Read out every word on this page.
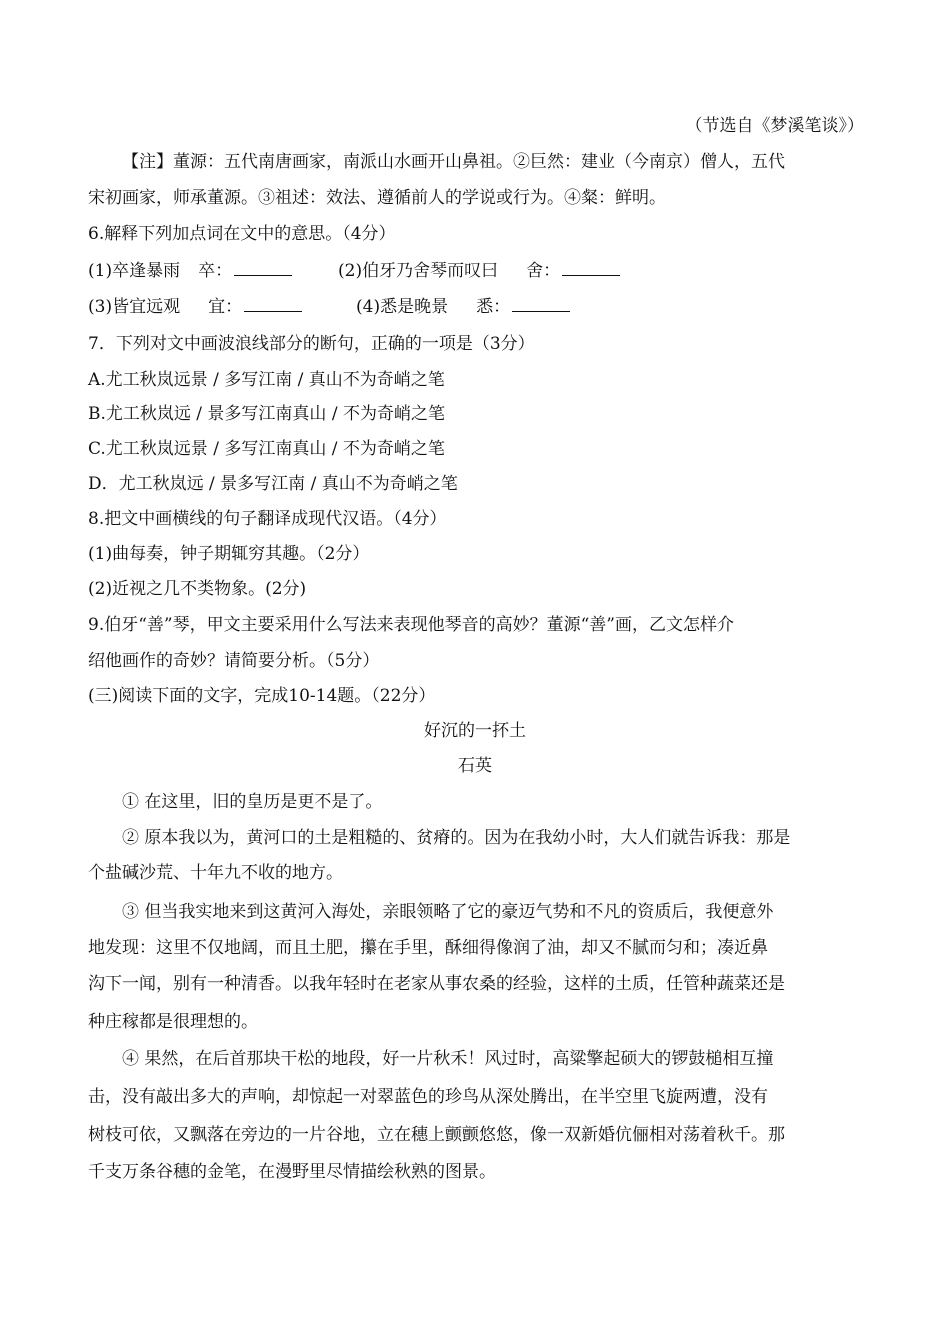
（节选自《梦溪笔谈》）
【注】董源：五代南唐画家，南派山水画开山鼻祖。②巨然：建业（今南京）僧人，五代
宋初画家，师承董源。③祖述：效法、遵循前人的学说或行为。④粲：鲜明。
6.解释下列加点词在文中的意思。（4分）
(1)卒逢暴雨 卒：	(2)伯牙乃舍琴而叹曰 舍：
(3)皆宜远观 宜：	(4)悉是晚景 悉：
7．下列对文中画波浪线部分的断句，正确的一项是（3分）
A.尤工秋岚远景 / 多写江南 / 真山不为奇峭之笔
B.尤工秋岚远 / 景多写江南真山 / 不为奇峭之笔
C.尤工秋岚远景 / 多写江南真山 / 不为奇峭之笔
D．尤工秋岚远 / 景多写江南 / 真山不为奇峭之笔
8.把文中画横线的句子翻译成现代汉语。（4分）
(1)曲每奏，钟子期辄穷其趣。（2分）
(2)近视之几不类物象。(2分)
9.伯牙“善”琴，甲文主要采用什么写法来表现他琴音的高妙？董源“善”画，乙文怎样介
绍他画作的奇妙？请简要分析。（5分）
(三)阅读下面的文字，完成10-14题。（22分）
好沉的一抔土
石英
① 在这里，旧的皇历是更不是了。
② 原本我以为，黄河口的土是粗糙的、贫瘠的。因为在我幼小时，大人们就告诉我：那是
个盐碱沙荒、十年九不收的地方。
③ 但当我实地来到这黄河入海处，亲眼领略了它的豪迈气势和不凡的资质后，我便意外
地发现：这里不仅地阔，而且土肥，攥在手里，酥细得像润了油，却又不腻而匀和；凑近鼻
沟下一闻，别有一种清香。以我年轻时在老家从事农桑的经验，这样的土质，任管种蔬菜还是
种庄稼都是很理想的。
④ 果然，在后首那块干松的地段，好一片秋禾！风过时，高粱擎起硕大的锣鼓槌相互撞
击，没有敲出多大的声响，却惊起一对翠蓝色的珍鸟从深处腾出，在半空里飞旋两遭，没有
树枝可依，又飘落在旁边的一片谷地，立在穗上颤颤悠悠，像一双新婚伉俪相对荡着秋千。那
千支万条谷穗的金笔，在漫野里尽情描绘秋熟的图景。
